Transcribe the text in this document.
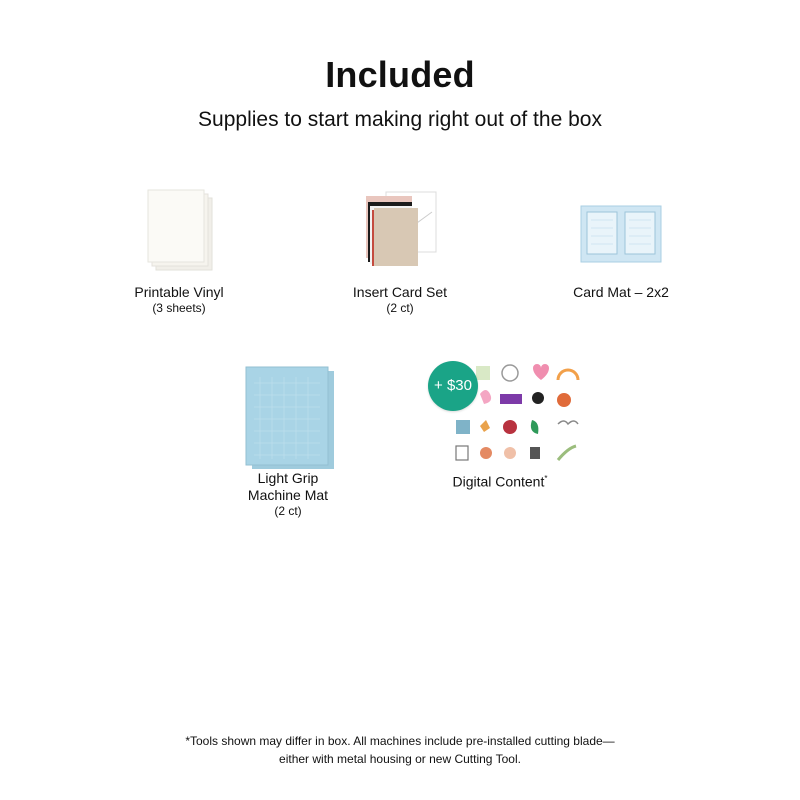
Included
Supplies to start making right out of the box
Printable Vinyl
(3 sheets)
Insert Card Set
(2 ct)
Card Mat – 2x2
Light Grip
Machine Mat
(2 ct)
+ $30
Digital Content*
*Tools shown may differ in box. All machines include pre-installed cutting blade—
either with metal housing or new Cutting Tool.
